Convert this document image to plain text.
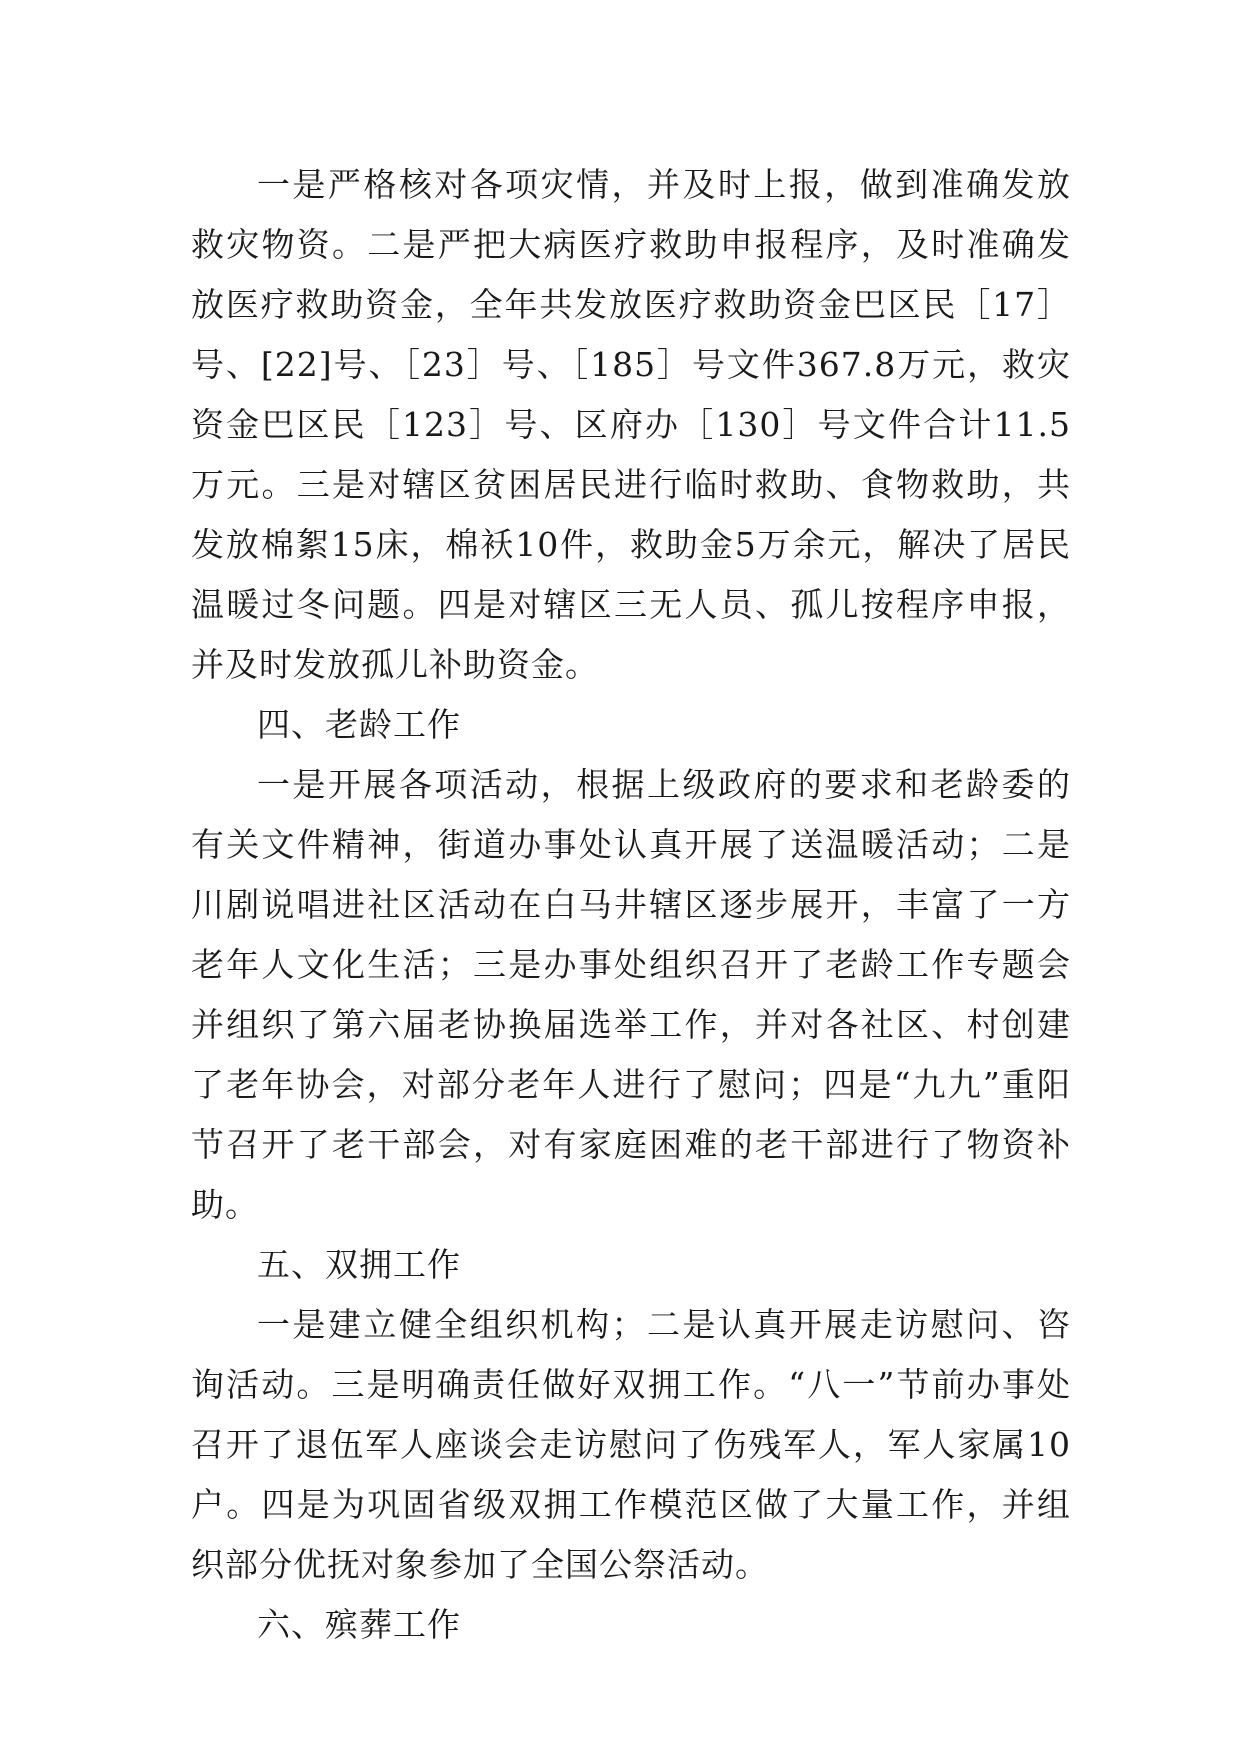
一是严格核对各项灾情，并及时上报，做到准确发放救灾物资。二是严把大病医疗救助申报程序，及时准确发放医疗救助资金，全年共发放医疗救助资金巴区民［17］号、[22]号、［23］号、［185］号文件367.8万元，救灾资金巴区民［123］号、区府办［130］号文件合计11.5万元。三是对辖区贫困居民进行临时救助、食物救助，共发放棉絮15床，棉袄10件，救助金5万余元，解决了居民温暖过冬问题。四是对辖区三无人员、孤儿按程序申报，并及时发放孤儿补助资金。

四、老龄工作

一是开展各项活动，根据上级政府的要求和老龄委的有关文件精神，街道办事处认真开展了送温暖活动；二是川剧说唱进社区活动在白马井辖区逐步展开，丰富了一方老年人文化生活；三是办事处组织召开了老龄工作专题会并组织了第六届老协换届选举工作，并对各社区、村创建了老年协会，对部分老年人进行了慰问；四是“九九”重阳节召开了老干部会，对有家庭困难的老干部进行了物资补助。

五、双拥工作

一是建立健全组织机构；二是认真开展走访慰问、咨询活动。三是明确责任做好双拥工作。“八一”节前办事处召开了退伍军人座谈会走访慰问了伤残军人，军人家属10户。四是为巩固省级双拥工作模范区做了大量工作，并组织部分优抚对象参加了全国公祭活动。

六、殡葬工作
